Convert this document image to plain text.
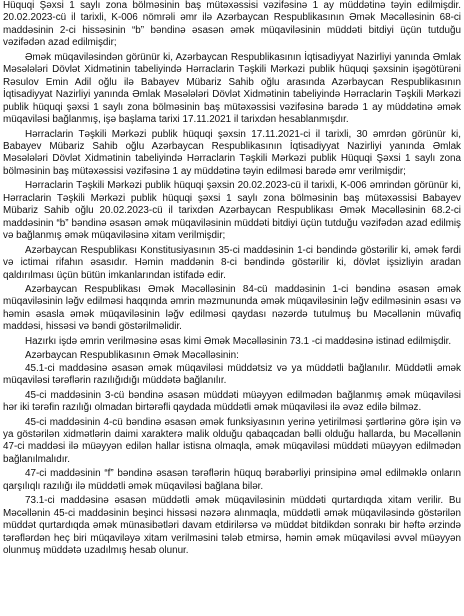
Hüquqi Şəxsi 1 saylı zona bölməsinin baş mütəxəssisi vəzifəsinə 1 ay müddətinə təyin edilmişdir. 20.02.2023-cü il tarixli, K-006 nömrəli əmr ilə Azərbaycan Respublikasının Əmək Məcəlləsinin 68-ci maddəsinin 2-ci hissəsinin “b” bəndinə əsasən əmək müqaviləsinin müddəti bitdiyi üçün tutduğu vəzifədən azad edilmişdir;

Əmək müqaviləsindən görünür ki, Azərbaycan Respublikasının İqtisadiyyat Nazirliyi yanında Əmlak Məsələləri Dövlət Xidmətinin tabeliyində Hərraclarin Təşkili Mərkəzi publik hüquqi şəxsinin işəgötürəni Rəsulov Emin Adil oğlu ilə Babayev Mübariz Sahib oğlu arasında Azərbaycan Respublikasının İqtisadiyyat Nazirliyi yanında Əmlak Məsələləri Dövlət Xidmətinin tabeliyində Hərraclarin Təşkili Mərkəzi publik hüquqi şəxsi 1 saylı zona bölməsinin baş mütəxəssisi vəzifəsinə barədə 1 ay müddətinə əmək müqaviləsi bağlanmış, işə başlama tarixi 17.11.2021 il tarixdən hesablanmışdır.

Hərraclarin Təşkili Mərkəzi publik hüquqi şəxsin 17.11.2021-ci il tarixli, 30 əmrdən görünür ki, Babayev Mübariz Sahib oğlu Azərbaycan Respublikasının İqtisadiyyat Nazirliyi yanında Əmlak Məsələləri Dövlət Xidmətinin tabeliyində Hərraclarin Təşkili Mərkəzi publik Hüquqi Şəxsi 1 saylı zona bölməsinin baş mütəxəssisi vəzifəsinə 1 ay müddətinə təyin edilməsi barədə əmr verilmişdir;

Hərraclarin Təşkili Mərkəzi publik hüquqi şəxsin 20.02.2023-cü il tarixli, K-006 əmrindən görünür ki, Hərraclarin Təşkili Mərkəzi publik hüquqi şəxsi 1 saylı zona bölməsinin baş mütəxəssisi Babayev Mübariz Sahib oğlu 20.02.2023-cü il tarixdən Azərbaycan Respublikası Əmək Məcəlləsinin 68.2-ci maddəsinin “b” bəndinə əsasən əmək müqaviləsinin müddəti bitdiyi üçün tutduğu vəzifədən azad edilmiş və bağlanmış əmək müqaviləsinə xitam verilmişdir;

Azərbaycan Respublikası Konstitusiyasının 35-ci maddəsinin 1-ci bəndində göstərilir ki, əmək fərdi və ictimai rifahın əsasıdır. Həmin maddənin 8-ci bəndində göstərilir ki, dövlət işsizliyin aradan qaldırılması üçün bütün imkanlarından istifadə edir.

Azərbaycan Respublikası Əmək Məcəlləsinin 84-cü maddəsinin 1-ci bəndinə əsasən əmək müqaviləsinin ləğv edilməsi haqqında əmrin məzmununda əmək müqaviləsinin ləğv edilməsinin əsası və həmin əsasla əmək müqaviləsinin ləğv edilməsi qaydası nəzərdə tutulmuş bu Məcəllənin müvafiq maddəsi, hissəsi və bəndi göstərilməlidir.

Hazırkı işdə əmrin verilməsinə əsas kimi Əmək Məcəlləsinin 73.1 -ci maddəsinə istinad edilmişdir.

Azərbaycan Respublikasının Əmək Məcəlləsinin:

45.1-ci maddəsinə əsasən əmək müqaviləsi müddətsiz və ya müddətli bağlanılır. Müddətli əmək müqaviləsi tərəflərin razılığıdığı müddətə bağlanılır.

45-ci maddəsinin 3-cü bəndinə əsasən müddəti müəyyən edilmədən bağlanmış əmək müqaviləsi hər iki tərəfin razılığı olmadan birtərəfli qaydada müddətli əmək müqaviləsi ilə əvəz edilə bilməz.

45-ci maddəsinin 4-cü bəndinə əsasən əmək funksiyasının yerinə yetirilməsi şərtlərinə görə işin və ya göstərilən xidmətlərin daimi xarakterə malik olduğu qabaqcadan bəlli olduğu hallarda, bu Məcəllənin 47-ci maddəsi ilə müəyyən edilən hallar istisna olmaqla, əmək müqaviləsi müddəti müəyyən edilmədən bağlanılmalıdır.

47-ci maddəsinin “f” bəndinə əsasən tərəflərin hüquq bərabərliyi prinsipinə əməl edilməklə onların qarşılıqlı razılığı ilə müddətli əmək müqaviləsi bağlana bilər.

73.1-ci maddəsinə əsasən müddətli əmək müqaviləsinin müddəti qurtardıqda xitam verilir. Bu Məcəllənin 45-ci maddəsinin beşinci hissəsi nəzərə alınmaqla, müddətli əmək müqaviləsində göstərilən müddət qurtardıqda əmək münasibətləri davam etdirilərsə və müddət bitdikdən sonrakı bir həftə ərzində tərəflərdən heç biri müqaviləyə xitam verilməsini tələb etmirsə, həmin əmək müqaviləsi əvvəl müəyyən olunmuş müddətə uzadılmış hesab olunur.
